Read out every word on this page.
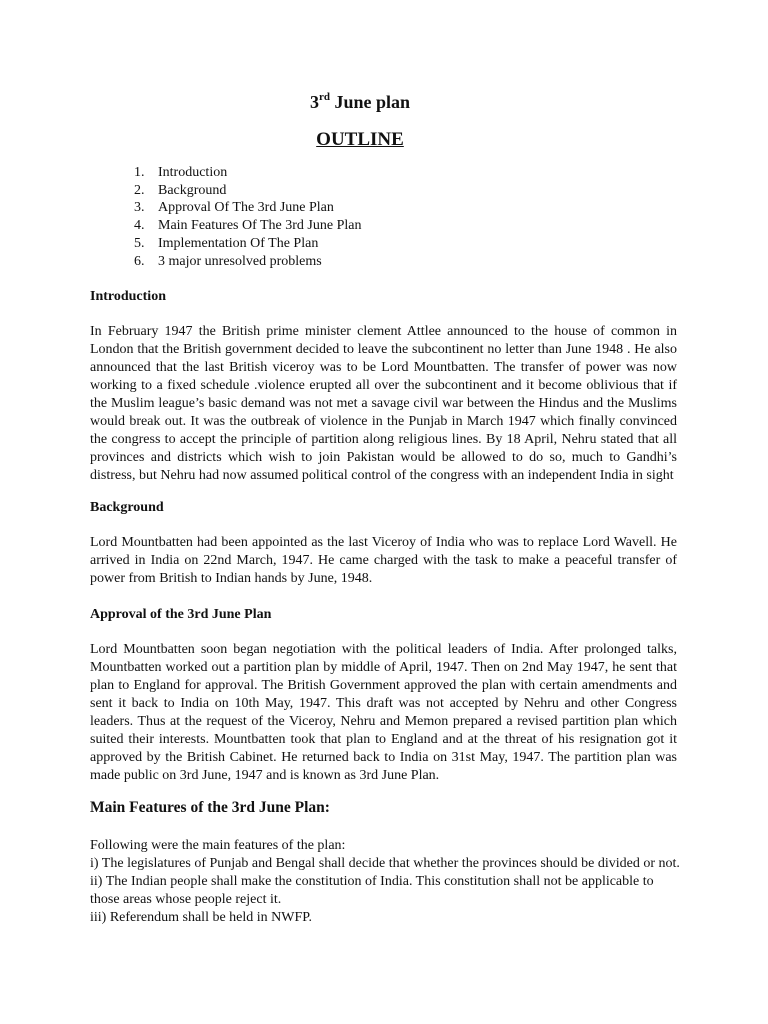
3rd June plan
OUTLINE
1. Introduction
2. Background
3. Approval Of The 3rd June Plan
4. Main Features Of The 3rd June Plan
5. Implementation Of The Plan
6. 3 major unresolved problems
Introduction

In February 1947 the British prime minister clement Attlee announced to the house of common in London that the British government decided to leave the subcontinent no letter than June 1948 . He also announced that the last British viceroy was to be Lord Mountbatten. The transfer of power was now working to a fixed schedule .violence erupted all over the subcontinent and it become oblivious that if the Muslim league’s basic demand was not met a savage civil war between the Hindus and the Muslims would break out. It was the outbreak of violence in the Punjab in March 1947 which finally convinced the congress to accept the principle of partition along religious lines. By 18 April, Nehru stated that all provinces and districts which wish to join Pakistan would be allowed to do so, much to Gandhi’s distress, but Nehru had now assumed political control of the congress with an independent India in sight

Background

Lord Mountbatten had been appointed as the last Viceroy of India who was to replace Lord Wavell. He arrived in India on 22nd March, 1947. He came charged with the task to make a peaceful transfer of power from British to Indian hands by June, 1948.

Approval of the 3rd June Plan

Lord Mountbatten soon began negotiation with the political leaders of India. After prolonged talks, Mountbatten worked out a partition plan by middle of April, 1947. Then on 2nd May 1947, he sent that plan to England for approval. The British Government approved the plan with certain amendments and sent it back to India on 10th May, 1947. This draft was not accepted by Nehru and other Congress leaders. Thus at the request of the Viceroy, Nehru and Memon prepared a revised partition plan which suited their interests. Mountbatten took that plan to England and at the threat of his resignation got it approved by the British Cabinet. He returned back to India on 31st May, 1947. The partition plan was made public on 3rd June, 1947 and is known as 3rd June Plan.

Main Features of the 3rd June Plan:
Following were the main features of the plan:
i) The legislatures of Punjab and Bengal shall decide that whether the provinces should be divided or not.
ii) The Indian people shall make the constitution of India. This constitution shall not be applicable to those areas whose people reject it.
iii) Referendum shall be held in NWFP.
